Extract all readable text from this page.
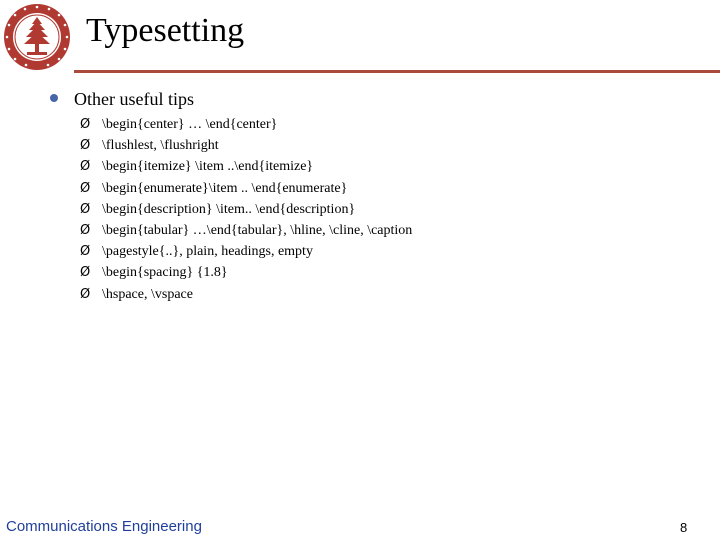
Typesetting
Other useful tips
Ø \begin{center} … \end{center}
Ø \flushlest, \flushright
Ø \begin{itemize} \item ..\end{itemize}
Ø \begin{enumerate}\item .. \end{enumerate}
Ø \begin{description} \item.. \end{description}
Ø \begin{tabular} …\end{tabular}, \hline, \cline, \caption
Ø \pagestyle{..}, plain, headings, empty
Ø \begin{spacing} {1.8}
Ø \hspace, \vspace
Communications Engineering	8
